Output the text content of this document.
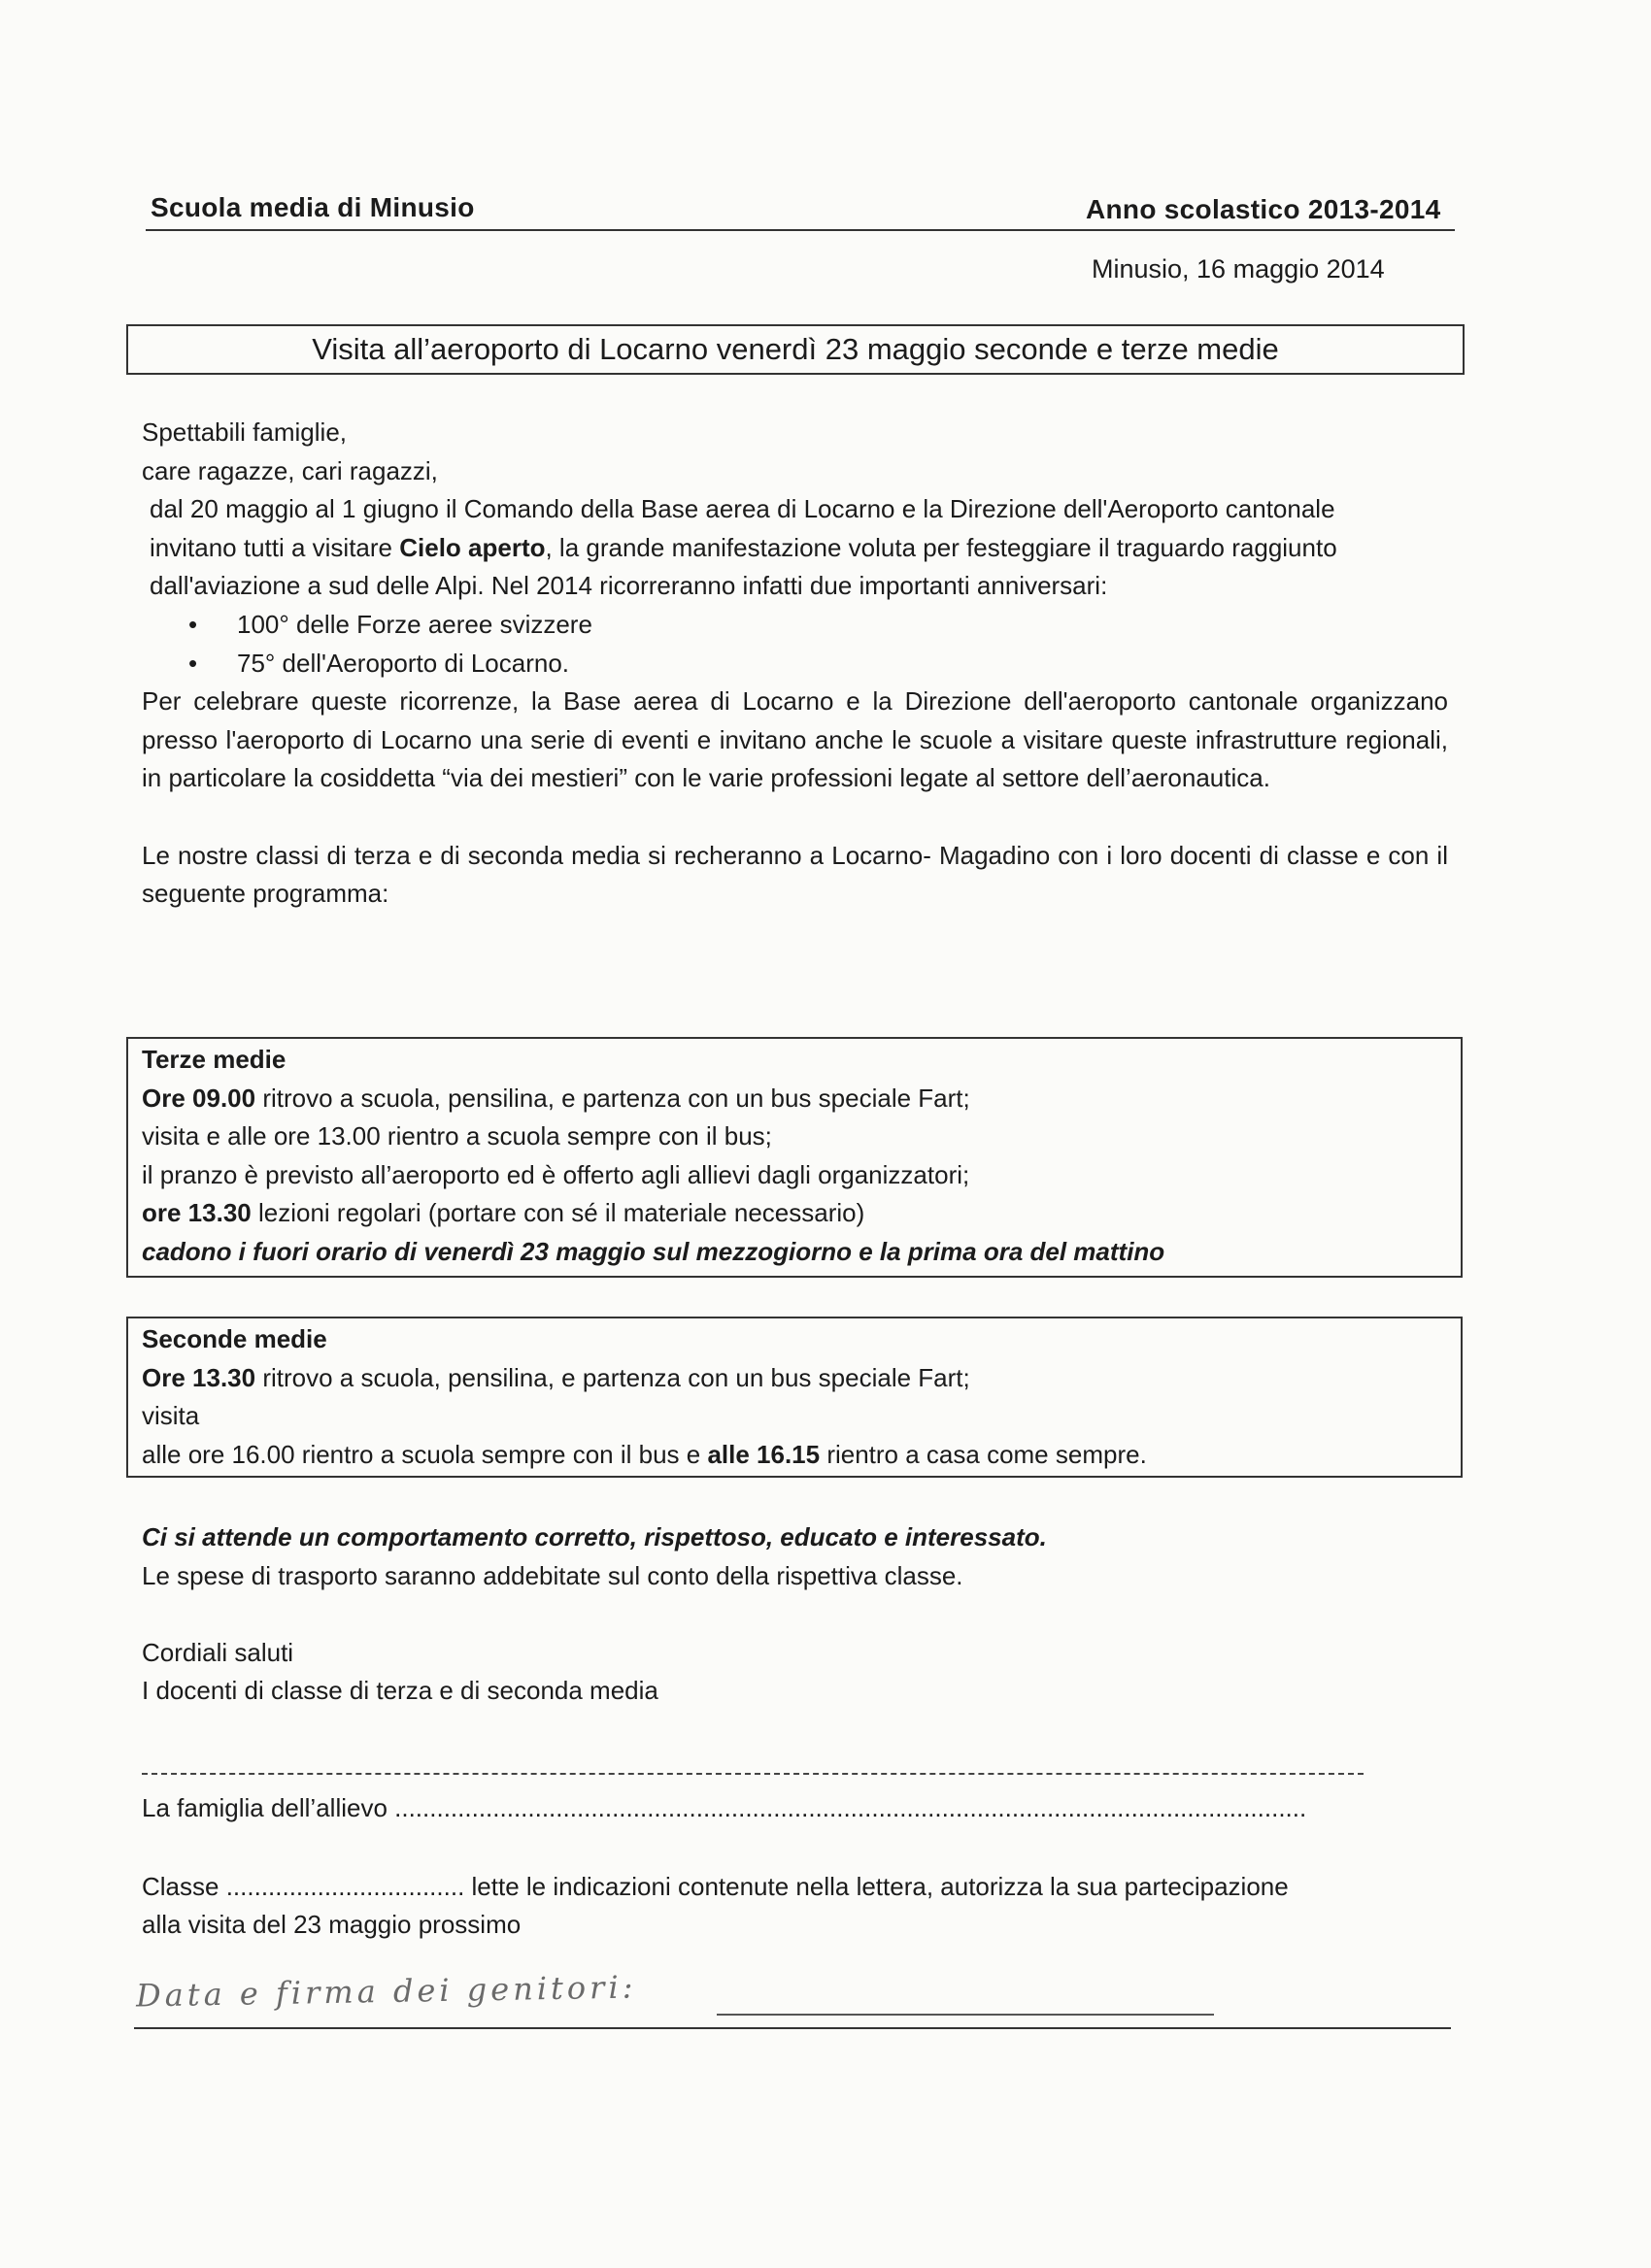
Scuola media di Minusio	Anno scolastico 2013-2014
Minusio, 16 maggio 2014
Visita all’aeroporto di Locarno venerdì 23 maggio seconde e terze medie

Spettabili famiglie,

care ragazze, cari ragazzi,

dal 20 maggio al 1 giugno il Comando della Base aerea di Locarno e la Direzione dell'Aeroporto cantonale invitano tutti a visitare Cielo aperto, la grande manifestazione voluta per festeggiare il traguardo raggiunto dall'aviazione a sud delle Alpi. Nel 2014 ricorreranno infatti due importanti anniversari:

• 100° delle Forze aeree svizzere
• 75° dell'Aeroporto di Locarno.

Per celebrare queste ricorrenze, la Base aerea di Locarno e la Direzione dell'aeroporto cantonale organizzano presso l'aeroporto di Locarno una serie di eventi e invitano anche le scuole a visitare queste infrastrutture regionali, in particolare la cosiddetta “via dei mestieri” con le varie professioni legate al settore dell’aeronautica.

Le nostre classi di terza e di seconda media si recheranno a Locarno- Magadino con i loro docenti di classe e con il seguente programma:

Terze medie
Ore 09.00 ritrovo a scuola, pensilina, e partenza con un bus speciale Fart;
visita e alle ore 13.00 rientro a scuola sempre con il bus;
il pranzo è previsto all’aeroporto ed è offerto agli allievi dagli organizzatori;
ore 13.30 lezioni regolari (portare con sé il materiale necessario)
cadono i fuori orario di venerdì 23 maggio sul mezzogiorno e la prima ora del mattino
Seconde medie
Ore 13.30 ritrovo a scuola, pensilina, e partenza con un bus speciale Fart;
visita
alle ore 16.00 rientro a scuola sempre con il bus e alle 16.15 rientro a casa come sempre.

Ci si attende un comportamento corretto, rispettoso, educato e interessato.

Le spese di trasporto saranno addebitate sul conto della rispettiva classe.

Cordiali saluti

I docenti di classe di terza e di seconda media

La famiglia dell’allievo ..................................................................................................................................
Classe .................................. lette le indicazioni contenute nella lettera, autorizza la sua partecipazione
alla visita del 23 maggio prossimo
Data e firma dei genitori:
